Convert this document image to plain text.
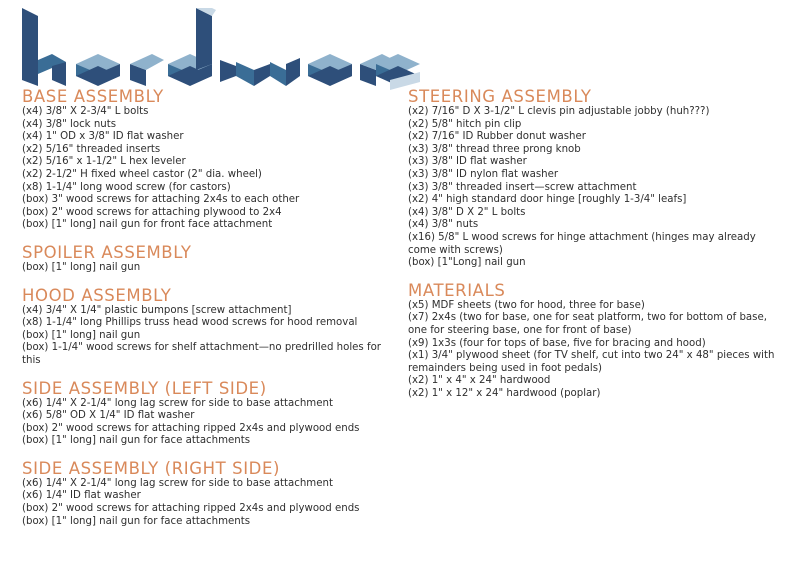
BASE ASSEMBLY
(x4) 3/8" X 2-3/4" L bolts
(x4) 3/8" lock nuts
(x4) 1" OD x 3/8" ID flat washer
(x2) 5/16" threaded inserts
(x2) 5/16" x 1-1/2" L hex leveler
(x2) 2-1/2" H fixed wheel castor (2" dia. wheel)
(x8) 1-1/4" long wood screw (for castors)
(box) 3" wood screws for attaching 2x4s to each other
(box) 2" wood screws for attaching plywood to 2x4
(box) [1" long] nail gun for front face attachment
SPOILER ASSEMBLY
(box) [1" long] nail gun
HOOD ASSEMBLY
(x4) 3/4" X 1/4" plastic bumpons [screw attachment]
(x8) 1-1/4" long Phillips truss head wood screws for hood removal
(box) [1" long] nail gun
(box) 1-1/4" wood screws for shelf attachment—no predrilled holes for this
SIDE ASSEMBLY (LEFT SIDE)
(x6) 1/4" X 2-1/4" long lag screw for side to base attachment
(x6) 5/8" OD X 1/4" ID flat washer
(box) 2" wood screws for attaching ripped 2x4s and plywood ends
(box) [1" long] nail gun for face attachments
SIDE ASSEMBLY (RIGHT SIDE)
(x6) 1/4" X 2-1/4" long lag screw for side to base attachment
(x6) 1/4" ID flat washer
(box) 2" wood screws for attaching ripped 2x4s and plywood ends
(box) [1" long] nail gun for face attachments
STEERING ASSEMBLY
(x2) 7/16" D X 3-1/2" L clevis pin adjustable jobby (huh???)
(x2) 5/8" hitch pin clip
(x2) 7/16" ID Rubber donut washer
(x3) 3/8" thread three prong knob
(x3) 3/8" ID flat washer
(x3) 3/8" ID nylon flat washer
(x3) 3/8" threaded insert—screw attachment
(x2) 4" high standard door hinge [roughly 1-3/4" leafs]
(x4) 3/8" D X 2" L bolts
(x4) 3/8" nuts
(x16) 5/8" L wood screws for hinge attachment (hinges may already come with screws)
(box) [1"Long] nail gun
MATERIALS
(x5) MDF sheets (two for hood, three for base)
(x7) 2x4s (two for base, one for seat platform, two for bottom of base, one for steering base, one for front of base)
(x9) 1x3s (four for tops of base, five for bracing and hood)
(x1) 3/4" plywood sheet (for TV shelf, cut into two 24" x 48" pieces with remainders being used in foot pedals)
(x2) 1" x 4" x 24" hardwood
(x2) 1" x 12" x 24" hardwood (poplar)
